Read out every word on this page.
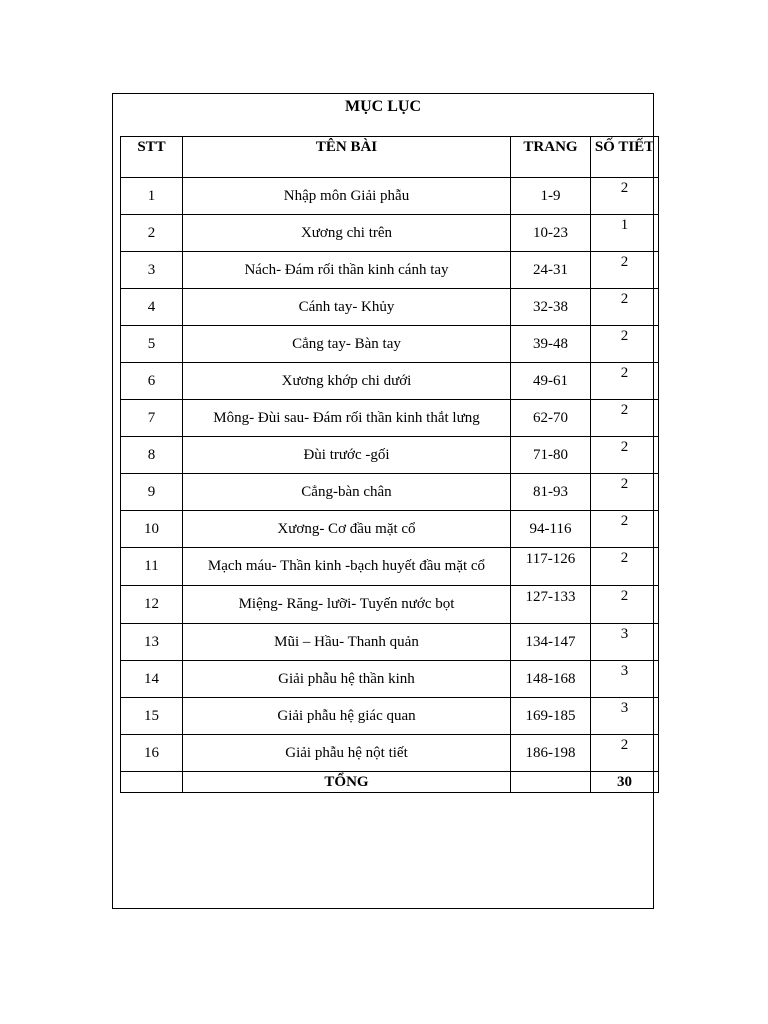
MỤC LỤC
STT	TÊN BÀI	TRANG	SỐ TIẾT
1	Nhập môn Giải phẫu	1-9	2
2	Xương chi trên	10-23	1
3	Nách- Đám rối thần kinh cánh tay	24-31	2
4	Cánh tay- Khủy	32-38	2
5	Cẳng tay- Bàn tay	39-48	2
6	Xương khớp chi dưới	49-61	2
7	Mông- Đùi sau- Đám rối thần kinh thắt lưng	62-70	2
8	Đùi trước -gối	71-80	2
9	Cẳng-bàn chân	81-93	2
10	Xương- Cơ đầu mặt cổ	94-116	2
11	Mạch máu- Thần kinh -bạch huyết đầu mặt cổ	117-126	2
12	Miệng- Răng- lưỡi- Tuyến nước bọt	127-133	2
13	Mũi – Hầu- Thanh quản	134-147	3
14	Giải phẫu hệ thần kinh	148-168	3
15	Giải phẫu hệ giác quan	169-185	3
16	Giải phẫu hệ nột tiết	186-198	2
	TỔNG		30
